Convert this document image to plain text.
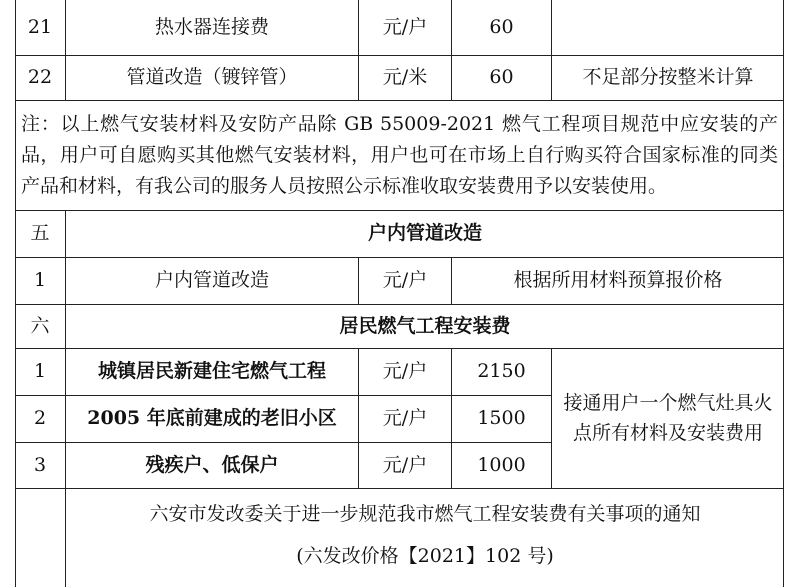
21	热水器连接费	元/户	60
22	管道改造（镀锌管）	元/米	60	不足部分按整米计算
注：以上燃气安装材料及安防产品除 GB 55009-2021 燃气工程项目规范中应安装的产品，用户可自愿购买其他燃气安装材料，用户也可在市场上自行购买符合国家标准的同类产品和材料，有我公司的服务人员按照公示标准收取安装费用予以安装使用。
五	户内管道改造
1	户内管道改造	元/户	根据所用材料预算报价格
六	居民燃气工程安装费
1	城镇居民新建住宅燃气工程	元/户	2150
2	2005 年底前建成的老旧小区	元/户	1500
3	残疾户、低保户	元/户	1000
接通用户一个燃气灶具火点所有材料及安装费用
六安市发改委关于进一步规范我市燃气工程安装费有关事项的通知
(六发改价格【2021】102 号)
